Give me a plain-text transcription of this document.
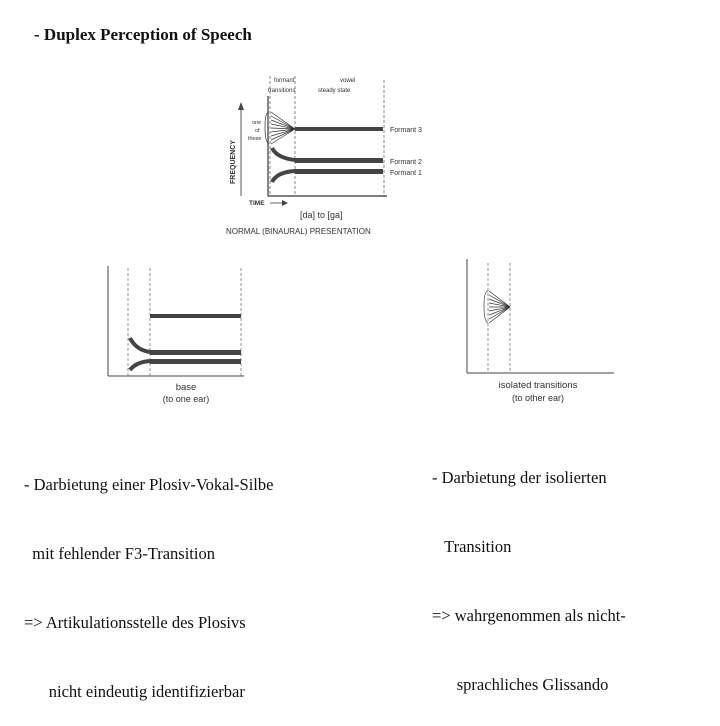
- Duplex Perception of Speech
formant
transitions
vowel
steady state
FREQUENCY
one
of
these
Formant 3
Formant 2
Formant 1
TIME
[da] to [ga]
NORMAL (BINAURAL) PRESENTATION
base
(to one ear)
isolated transitions
(to other ear)

- Darbietung einer Plosiv-Vokal-Silbe

mit fehlender F3-Transition

=> Artikulationsstelle des Plosivs

nicht eindeutig identifizierbar

- Darbietung der isolierten

Transition

=> wahrgenommen als nicht-

sprachliches Glissando
